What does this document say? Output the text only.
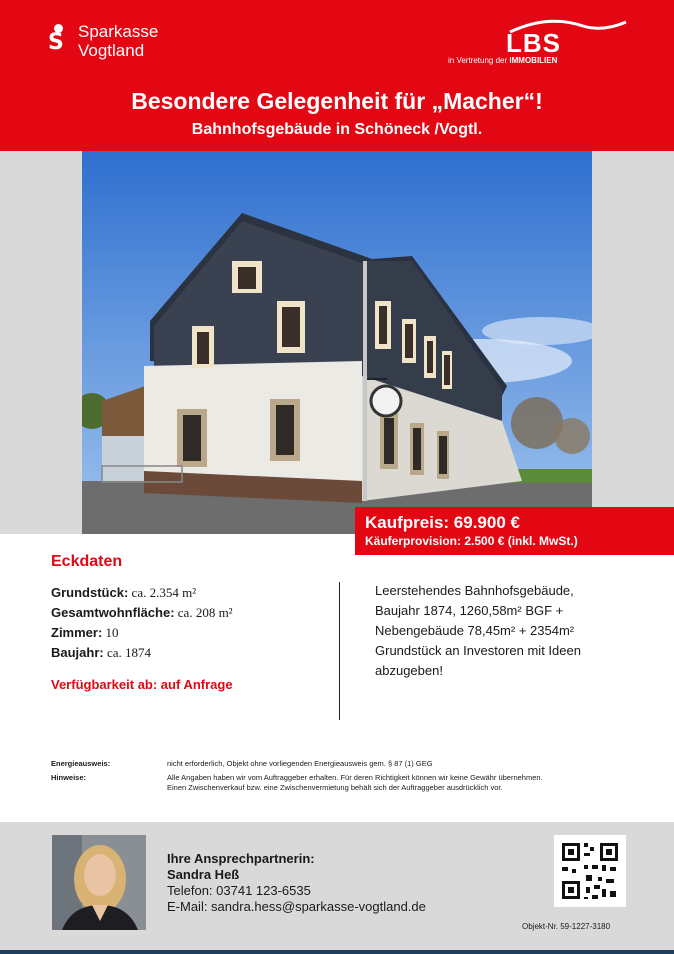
S Sparkasse
Vogtland	LBS
in Vertretung der IMMOBILIEN
Besondere Gelegenheit für „Macher“!
Bahnhofsgebäude in Schöneck /Vogtl.
Kaufpreis: 69.900 €
Käuferprovision: 2.500 € (inkl. MwSt.)
Eckdaten
Grundstück: ca. 2.354 m²
Gesamtwohnfläche: ca. 208 m²
Zimmer: 10
Baujahr: ca. 1874
Verfügbarkeit ab: auf Anfrage
Leerstehendes Bahnhofsgebäude,
Baujahr 1874, 1260,58m² BGF +
Nebengebäude 78,45m² + 2354m²
Grundstück an Investoren mit Ideen
abzugeben!
Energieausweis:	nicht erforderlich, Objekt ohne vorliegenden Energieausweis gem. § 87 (1) GEG
Hinweise:	Alle Angaben haben wir vom Auftraggeber erhalten. Für deren Richtigkeit können wir keine Gewähr übernehmen.
Einen Zwischenverkauf bzw. eine Zwischenvermietung behält sich der Auftraggeber ausdrücklich vor.
Ihre Ansprechpartnerin:
Sandra Heß
Telefon: 03741 123-6535
E-Mail: sandra.hess@sparkasse-vogtland.de
Objekt-Nr. 59-1227-3180
